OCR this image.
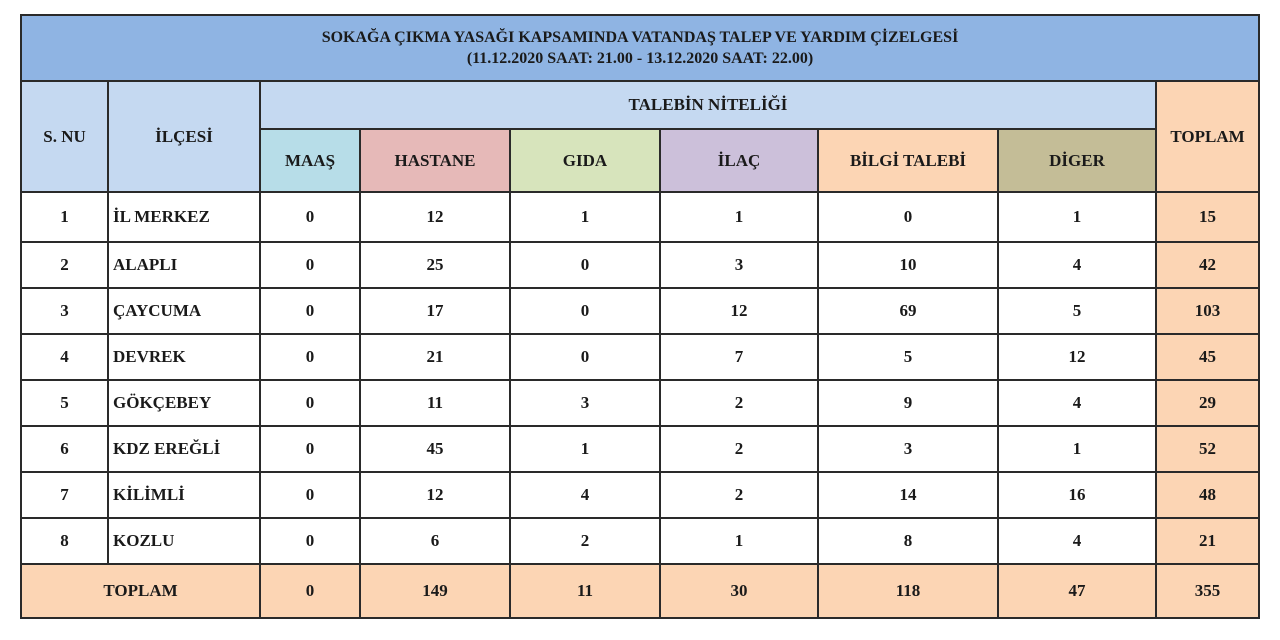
SOKAĞA ÇIKMA YASAĞI KAPSAMINDA VATANDAŞ TALEP VE YARDIM ÇİZELGESİ
(11.12.2020 SAAT: 21.00 - 13.12.2020 SAAT: 22.00)								

S. NU	İLÇESİ	TALEBİN NİTELİĞİ						TOPLAM
		MAAŞ	HASTANE	GIDA	İLAÇ	BİLGİ TALEBİ	DİGER	
1	İL MERKEZ	0	12	1	1	0	1	15
2	ALAPLI	0	25	0	3	10	4	42
3	ÇAYCUMA	0	17	0	12	69	5	103
4	DEVREK	0	21	0	7	5	12	45
5	GÖKÇEBEY	0	11	3	2	9	4	29
6	KDZ EREĞLİ	0	45	1	2	3	1	52
7	KİLİMLİ	0	12	4	2	14	16	48
8	KOZLU	0	6	2	1	8	4	21
TOPLAM		0	149	11	30	118	47	355
